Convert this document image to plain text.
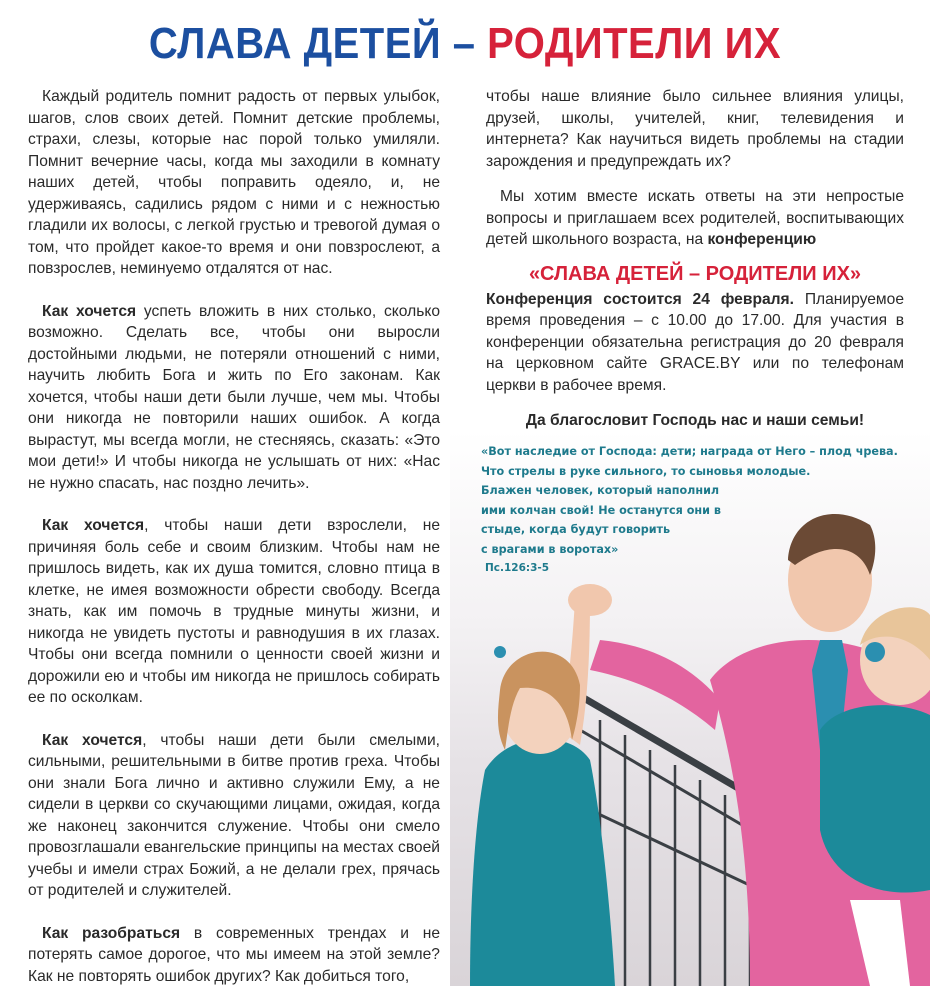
СЛАВА ДЕТЕЙ – РОДИТЕЛИ ИХ

Каждый родитель помнит радость от первых улыбок, шагов, слов своих детей. Помнит детские проблемы, страхи, слезы, которые нас порой только умиляли. Помнит вечерние часы, когда мы заходили в комнату наших детей, чтобы поправить одеяло, и, не удерживаясь, садились рядом с ними и с нежностью гладили их волосы, с легкой грустью и тревогой думая о том, что пройдет какое-то время и они повзрослеют, а повзрослев, неминуемо отдалятся от нас.

Как хочется успеть вложить в них столько, сколько возможно. Сделать все, чтобы они выросли достойными людьми, не потеряли отношений с ними, научить любить Бога и жить по Его законам. Как хочется, чтобы наши дети были лучше, чем мы. Чтобы они никогда не повторили наших ошибок. А когда вырастут, мы всегда могли, не стесняясь, сказать: «Это мои дети!» И чтобы никогда не услышать от них: «Нас не нужно спасать, нас поздно лечить».

Как хочется, чтобы наши дети взрослели, не причиняя боль себе и своим близким. Чтобы нам не пришлось видеть, как их душа томится, словно птица в клетке, не имея возможности обрести свободу. Всегда знать, как им помочь в трудные минуты жизни, и никогда не увидеть пустоты и равнодушия в их глазах. Чтобы они всегда помнили о ценности своей жизни и дорожили ею и чтобы им никогда не пришлось собирать ее по осколкам.

Как хочется, чтобы наши дети были смелыми, сильными, решительными в битве против греха. Чтобы они знали Бога лично и активно служили Ему, а не сидели в церкви со скучающими лицами, ожидая, когда же наконец закончится служение. Чтобы они смело провозглашали евангельские принципы на местах своей учебы и имели страх Божий, а не делали грех, прячась от родителей и служителей.

Как разобраться в современных трендах и не потерять самое дорогое, что мы имеем на этой земле? Как не повторять ошибок других? Как добиться того,

чтобы наше влияние было сильнее влияния улицы, друзей, школы, учителей, книг, телевидения и интернета? Как научиться видеть проблемы на стадии зарождения и предупреждать их?

Мы хотим вместе искать ответы на эти непростые вопросы и приглашаем всех родителей, воспитывающих детей школьного возраста, на конференцию

«СЛАВА ДЕТЕЙ – РОДИТЕЛИ ИХ»

Конференция состоится 24 февраля. Планируемое время проведения – с 10.00 до 17.00. Для участия в конференции обязательна регистрация до 20 февраля на церковном сайте GRACE.BY или по телефонам церкви в рабочее время.

Да благословит Господь нас и наши семьи!

«Вот наследие от Господа: дети; награда от Него – плод чрева.
Что стрелы в руке сильного, то сыновья молодые.
Блажен человек, который наполнил
ими колчан свой! Не останутся они в
стыде, когда будут говорить
с врагами в воротах»
Пс.126:3-5
